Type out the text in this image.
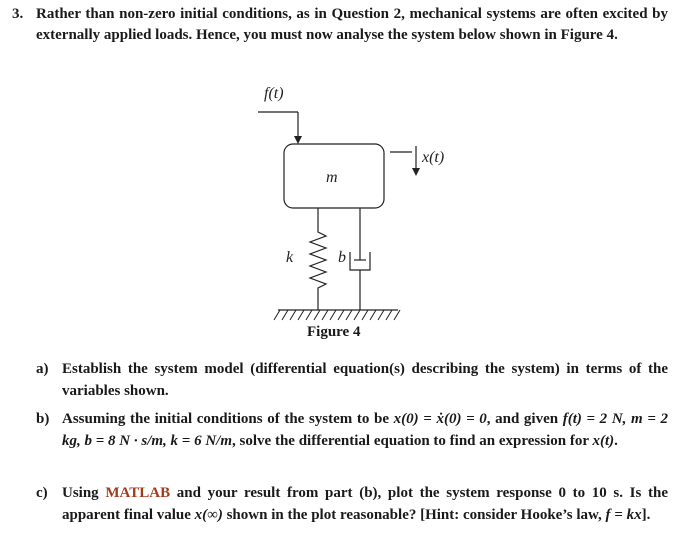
3. Rather than non-zero initial conditions, as in Question 2, mechanical systems are often excited by externally applied loads. Hence, you must now analyse the system below shown in Figure 4.
f(t)
m
x(t)
k	b
Figure 4
a) Establish the system model (differential equation(s) describing the system) in terms of the variables shown.
b) Assuming the initial conditions of the system to be x(0) = ẋ(0) = 0, and given f(t) = 2 N, m = 2 kg, b = 8 N · s/m, k = 6 N/m, solve the differential equation to find an expression for x(t).
c) Using MATLAB and your result from part (b), plot the system response 0 to 10 s. Is the apparent final value x(∞) shown in the plot reasonable? [Hint: consider Hooke’s law, f = kx].
